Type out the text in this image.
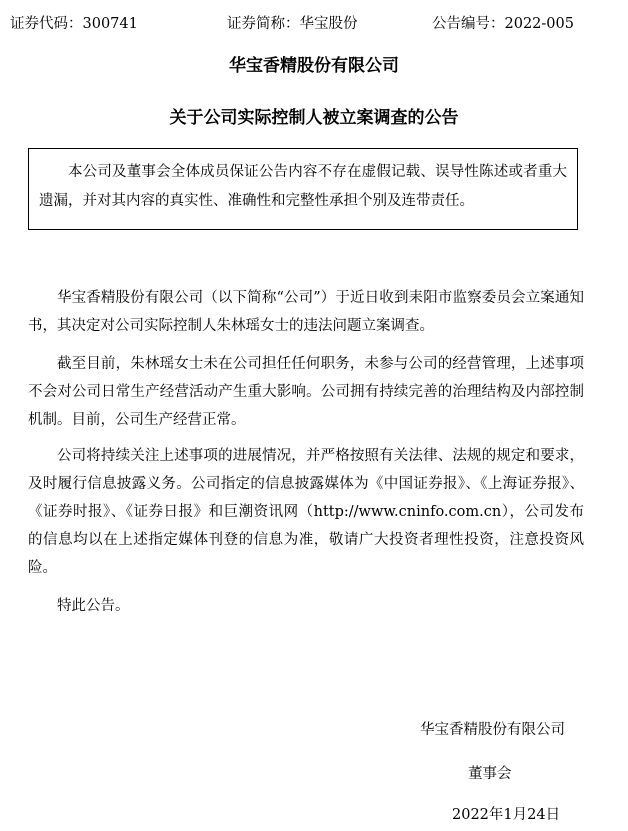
证券代码：300741	证券简称：华宝股份	公告编号：2022-005
华宝香精股份有限公司
关于公司实际控制人被立案调查的公告
本公司及董事会全体成员保证公告内容不存在虚假记载、误导性陈述或者重大遗漏，并对其内容的真实性、准确性和完整性承担个别及连带责任。

华宝香精股份有限公司（以下简称“公司”）于近日收到耒阳市监察委员会立案通知书，其决定对公司实际控制人朱林瑶女士的违法问题立案调查。

截至目前，朱林瑶女士未在公司担任任何职务，未参与公司的经营管理，上述事项不会对公司日常生产经营活动产生重大影响。公司拥有持续完善的治理结构及内部控制机制。目前，公司生产经营正常。

公司将持续关注上述事项的进展情况，并严格按照有关法律、法规的规定和要求，及时履行信息披露义务。公司指定的信息披露媒体为《中国证券报》、《上海证券报》、《证券时报》、《证券日报》和巨潮资讯网（http://www.cninfo.com.cn），公司发布的信息均以在上述指定媒体刊登的信息为准，敬请广大投资者理性投资，注意投资风险。

特此公告。

华宝香精股份有限公司
董事会
2022年1月24日
